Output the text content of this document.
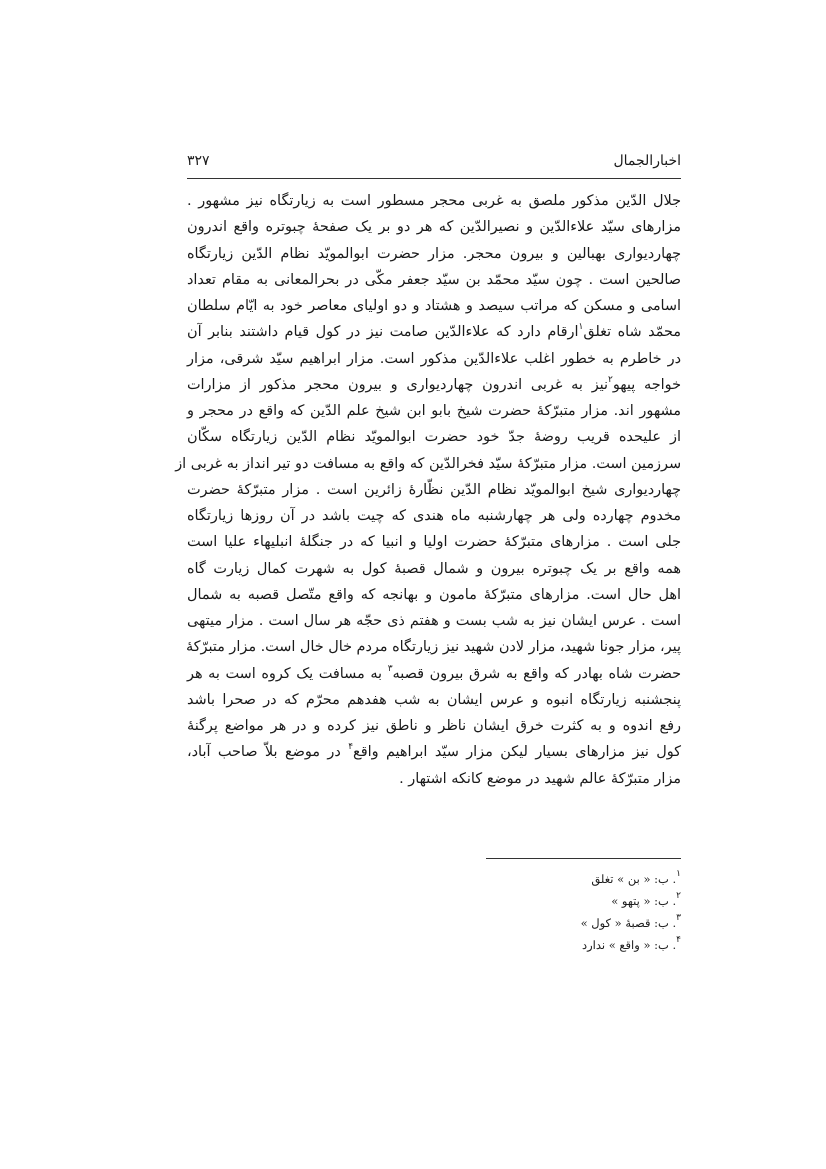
۳۲۷	اخبارالجمال
جلال الدّین مذکور ملصق به غربی محجر مسطور است به زیارتگاه نیز مشهور .
مزارهای سیّد علاءالدّین و نصیرالدّین که هر دو بر یک صفحهٔ چبوتره واقع اندرون
چهاردیواری بهبالین و بیرون محجر. مزار حضرت ابوالمویّد نظام الدّین زیارتگاه
صالحین است . چون سیّد محمّد بن سیّد جعفر مکّی در بحرالمعانی به مقام تعداد
اسامی و مسکن که مراتب سیصد و هشتاد و دو اولیای معاصر خود به ایّام سلطان
محمّد شاه تغلق$^۱$ارقام دارد که علاءالدّین صامت نیز در کول قیام داشتند بنابر آن
در خاطرم به خطور اغلب علاءالدّین مذکور است. مزار ابراهیم سیّد شرقی، مزار
خواجه پیهو$^۲$نیز به غربی اندرون چهاردیواری و بیرون محجر مذکور از مزارات
مشهور اند. مزار متبرّکهٔ حضرت شیخ بابو ابن شیخ علم الدّین که واقع در محجر و
از علیحده قریب روضهٔ جدّ خود حضرت ابوالمویّد نظام الدّین زیارتگاه سکّان
سرزمین است. مزار متبرّکهٔ سیّد فخرالدّین که واقع به مسافت دو تیر انداز به غربی از
چهاردیواری شیخ ابوالمویّد نظام الدّین نظّارهٔ زائرین است . مزار متبرّکهٔ حضرت
مخدوم چهارده ولی هر چهارشنبه ماه هندی که چیت باشد در آن روزها زیارتگاه
جلی است . مزارهای متبرّکهٔ حضرت اولیا و انبیا که در جنگلهٔ انبلیهاء علیا است
همه واقع بر یک چبوتره بیرون و شمال قصبهٔ کول به شهرت کمال زیارت گاه
اهل حال است. مزارهای متبرّکهٔ مامون و بهانجه که واقع متّصل قصبه به شمال
است . عرس ایشان نیز به شب بست و هفتم ذی حجّه هر سال است . مزار میتهی
پیر، مزار جونا شهید، مزار لادن شهید نیز زیارتگاه مردم خال خال است. مزار متبرّکهٔ
حضرت شاه بهادر که واقع به شرق بیرون قصبه$^۳$ به مسافت یک کروه است به هر
پنجشنبه زیارتگاه انبوه و عرس ایشان به شب هفدهم محرّم که در صحرا باشد
رفع اندوه و به کثرت خرق ایشان ناظر و ناطق نیز کرده و در هر مواضع پرگنهٔ
کول نیز مزارهای بسیار لیکن مزار سیّد ابراهیم واقع$^۴$ در موضع بلاّ صاحب آباد،
مزار متبرّکهٔ عالم شهید در موضع کانکه اشتهار .
$^۱$. ب: « بن » تغلق
$^۲$. ب: « پتهو »
$^۳$. ب: قصبهٔ « کول »
$^۴$. ب: « واقع » ندارد
